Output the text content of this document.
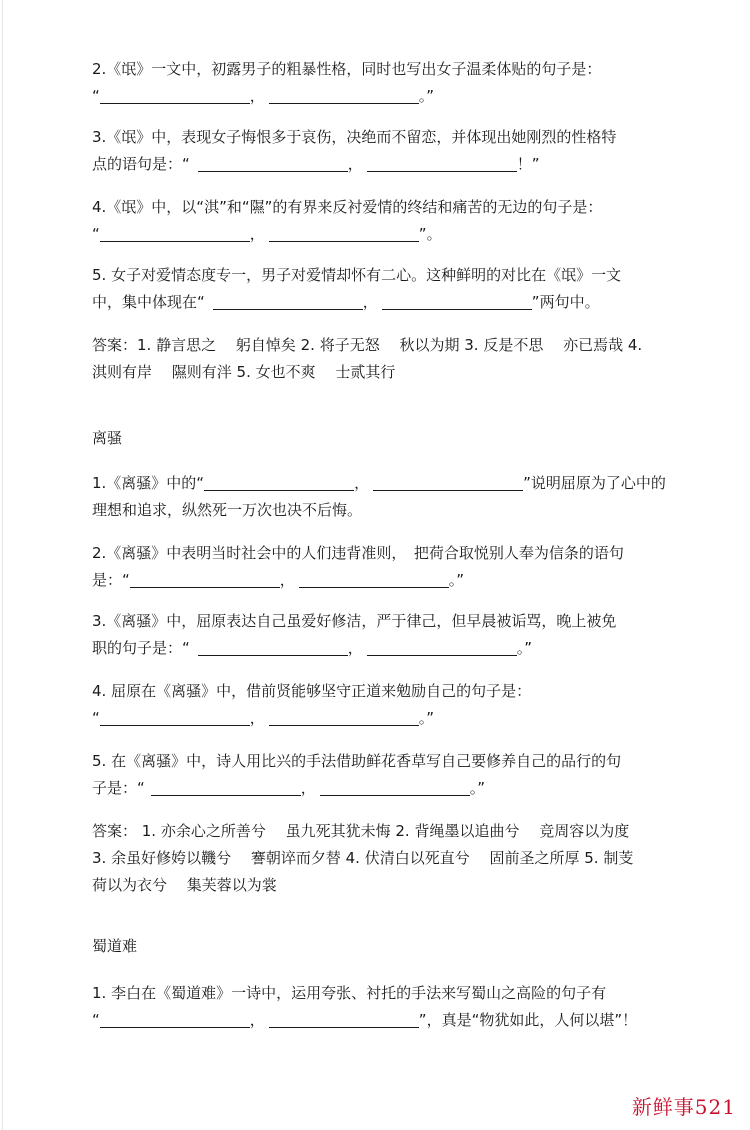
2.《氓》一文中，初露男子的粗暴性格，同时也写出女子温柔体贴的句子是：
“	，	。”
3.《氓》中，表现女子悔恨多于哀伤，决绝而不留恋，并体现出她刚烈的性格特
点的语句是：“	，	！”
4.《氓》中，以“淇”和“隰”的有界来反衬爱情的终结和痛苦的无边的句子是：
“	，	”。
5. 女子对爱情态度专一，男子对爱情却怀有二心。这种鲜明的对比在《氓》一文
中，集中体现在“	，	”两句中。
答案：1. 静言思之　 躬自悼矣 2. 将子无怒　 秋以为期 3. 反是不思　 亦已焉哉 4.
淇则有岸　 隰则有泮 5. 女也不爽　 士贰其行
离骚
1.《离骚》中的“	，	”说明屈原为了心中的
理想和追求，纵然死一万次也决不后悔。
2.《离骚》中表明当时社会中的人们违背准则，　把荷合取悦别人奉为信条的语句
是：“	，	。”
3.《离骚》中，屈原表达自己虽爱好修洁，严于律己，但早晨被诟骂，晚上被免
职的句子是：“	，	。”
4. 屈原在《离骚》中，借前贤能够坚守正道来勉励自己的句子是：
“	，	。”
5. 在《离骚》中，诗人用比兴的手法借助鲜花香草写自己要修养自己的品行的句
子是：“	，	。”
答案： 1. 亦余心之所善兮　 虽九死其犹未悔 2. 背绳墨以追曲兮　 竞周容以为度
3. 余虽好修姱以鞿兮　 謇朝谇而夕替 4. 伏清白以死直兮　 固前圣之所厚 5. 制芰
荷以为衣兮　 集芙蓉以为裳
蜀道难
1. 李白在《蜀道难》一诗中，运用夸张、衬托的手法来写蜀山之高险的句子有
“	，	”，真是“物犹如此，人何以堪”！
新鲜事521
